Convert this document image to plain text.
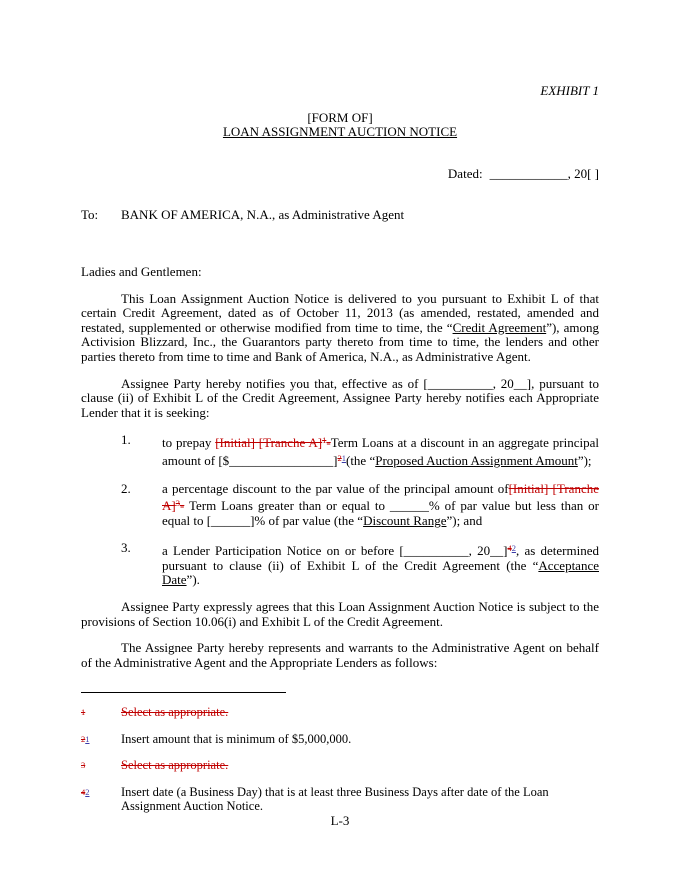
EXHIBIT 1
[FORM OF]
LOAN ASSIGNMENT AUCTION NOTICE
Dated: ____________, 20[ ]
To: BANK OF AMERICA, N.A., as Administrative Agent
Ladies and Gentlemen:

This Loan Assignment Auction Notice is delivered to you pursuant to Exhibit L of that certain Credit Agreement, dated as of October 11, 2013 (as amended, restated, amended and restated, supplemented or otherwise modified from time to time, the “Credit Agreement”), among Activision Blizzard, Inc., the Guarantors party thereto from time to time, the lenders and other parties thereto from time to time and Bank of America, N.A., as Administrative Agent.

Assignee Party hereby notifies you that, effective as of [__________, 20__], pursuant to clause (ii) of Exhibit L of the Credit Agreement, Assignee Party hereby notifies each Appropriate Lender that it is seeking:

1. to prepay [Initial] [Tranche A]$^1$-Term Loans at a discount in an aggregate principal amount of [$________________]$^{21}$(the “Proposed Auction Assignment Amount”);
2. a percentage discount to the par value of the principal amount of[Initial] [Tranche A]$^3$- Term Loans greater than or equal to ______% of par value but less than or equal to [______]% of par value (the “Discount Range”); and
3. a Lender Participation Notice on or before [__________, 20__]$^{42}$, as determined pursuant to clause (ii) of Exhibit L of the Credit Agreement (the “Acceptance Date”).

Assignee Party expressly agrees that this Loan Assignment Auction Notice is subject to the provisions of Section 10.06(i) and Exhibit L of the Credit Agreement.

The Assignee Party hereby represents and warrants to the Administrative Agent on behalf of the Administrative Agent and the Appropriate Lenders as follows:

$^1$	Select as appropriate.
$^{21}$	Insert amount that is minimum of $5,000,000.
$^3$	Select as appropriate.
$^{42}$	Insert date (a Business Day) that is at least three Business Days after date of the Loan Assignment Auction Notice.
L-3
